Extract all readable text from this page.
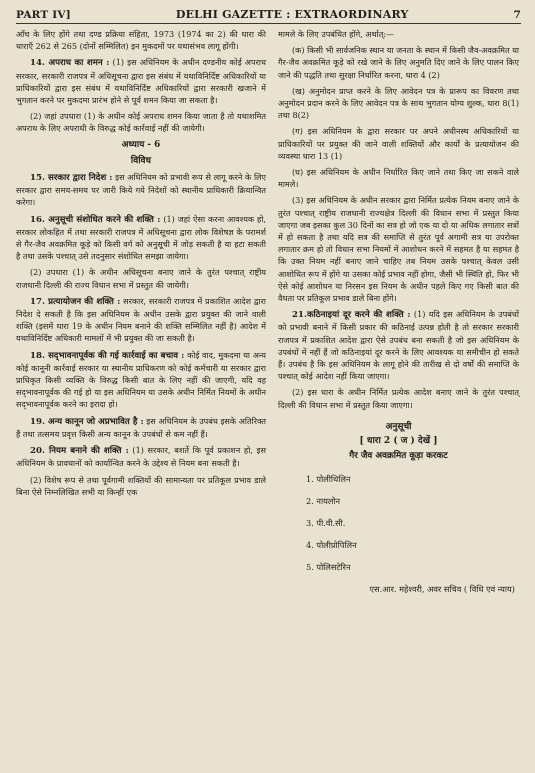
PART IV]	DELHI GAZETTE : EXTRAORDINARY	7

आँच के लिए होंगे तथा दण्ड प्रक्रिया संहिता, 1973 (1974 का 2) की धारा की धाराएँ 262 से 265 (दोनों सम्मिलित) इन मुकदमों पर यथासंभव लागू होंगी।

14. अपराध का शमन : (1) इस अधिनियम के अधीन दण्डनीय कोई अपराध सरकार, सरकारी राजपत्र में अधिसूचना द्वारा इस संबंध में यथाविनिर्दिष्ट अधिकारियों या प्राधिकारियों द्वारा इस संबंध में यथाविनिर्दिष्ट अधिकारियों द्वारा सरकारी खजाने में भुगतान करने पर मुकदमा प्रारंभ होने से पूर्व शमन किया जा सकता है।

(2) जहां उपधारा (1) के अधीन कोई अपराध शमन किया जाता है तो यथाशमित अपराध के लिए अपराधी के विरुद्ध कोई कार्रवाई नहीं की जायेगी।

अध्याय - 6

विविध

15. सरकार द्वारा निदेश : इस अधिनियम को प्रभावी रूप से लागू करने के लिए सरकार द्वारा समय-समय पर जारी किये गये निदेशों को स्थानीय प्राधिकारी क्रियान्वित करेगा।

16. अनुसूची संशोधित करने की शक्ति : (1) जहां ऐसा करना आवश्यक हो, सरकार लोकहित में तथा सरकारी राजपत्र में अधिसूचना द्वारा लोक विशेषज्ञ के परामर्श से गैर-जैव अवक्रमित कूड़े को किसी वर्ग को अनुसूची में जोड़ सकती है या हटा सकती है तथा उसके पश्चात् उसे तदनुसार संशोधित समझा जायेगा।

(2) उपधारा (1) के अधीन अधिसूचना बनाए जाने के तुरंत पश्चात् राष्ट्रीय राजधानी दिल्ली की राज्य विधान सभा में प्रस्तुत की जायेगी।

17. प्रत्यायोजन की शक्ति : सरकार, सरकारी राजपत्र में प्रकाशित आदेश द्वारा निदेश दे सकती है कि इस अधिनियम के अधीन उसके द्वारा प्रयुक्त की जाने वाली शक्ति (इसमें धारा 19 के अधीन नियम बनाने की शक्ति सम्मिलित नहीं है) आदेश में यथाविनिर्दिष्ट अधिकारी मामलों में भी प्रयुक्त की जा सकती है।

18. सद्‌भावनापूर्वक की गई कार्रवाई का बचाव : कोई वाद, मुकदमा या अन्य कोई कानूनी कार्रवाई सरकार या स्थानीय प्राधिकरण को कोई कर्मचारी या सरकार द्वारा प्राधिकृत किसी व्यक्ति के विरुद्ध किसी बात के लिए नहीं की जाएगी, यदि वह सद्‌भावनापूर्वक की गई हो या इस अधिनियम या उसके अधीन निर्मित नियमों के अधीन सद्‌भावनापूर्वक करने का इरादा हो।

19. अन्य कानून जो अप्रभावित है : इस अधिनियम के उपबंध इसके अतिरिक्त हैं तथा तत्समय प्रवृत्त किसी अन्य कानून के उपबंधों से कम नहीं हैं।

20. नियम बनाने की शक्ति : (1) सरकार, बशर्ते कि पूर्व प्रकाशन हो, इस अधिनियम के प्रावधानों को कार्यान्वित करने के उद्देश्य से नियम बना सकती है।

(2) विशेष रूप से तथा पूर्वगामी शक्तियों की सामान्यता पर प्रतिकूल प्रभाव डाले बिना ऐसे निम्नलिखित सभी या किन्हीं एक

मामले के लिए उपबंधित होंगे, अर्थात्:—

(क) किसी भी सार्वजनिक स्थान या जनता के स्थान में किसी जैव-अवक्रमित या गैर-जैव अवक्रमित कूड़े को रखे जाने के लिए अनुमति दिए जाने के लिए पालन किए जाने की पद्धति तथा सुरक्षा निर्धारित करना, धारा 4 (2)

(ख) अनुमोदन प्राप्त करने के लिए आवेदन पत्र के प्रारूप का विवरण तथा अनुमोदन प्रदान करने के लिए आवेदन पत्र के साथ भुगतान योग्य शुल्क, धारा 8(1) तथा 8(2)

(ग) इस अधिनियम के द्वारा सरकार पर अपने अधीनस्थ अधिकारियों या प्राधिकारियों पर प्रयुक्त की जाने वाली शक्तियों और कार्यों के प्रत्यायोजन की व्यवस्था धारा 13 (1)

(घ) इस अधिनियम के अधीन निर्धारित किए जाने तथा किए जा सकने वाले मामले।

(3) इस अधिनियम के अधीन सरकार द्वारा निर्मित प्रत्येक नियम बनाए जाने के तुरंत पश्चात् राष्ट्रीय राजधानी राज्यक्षेत्र दिल्ली की विधान सभा में प्रस्तुत किया जाएगा जब इसका कुल 30 दिनों का सत्र हो जो एक या दो या अधिक लगातार सत्रों में हो सकता है तथा यदि सत्र की समाप्ति से तुरंत पूर्व अगामी सत्र या उपरोक्त लगातार क्रम हो तो विधान सभा नियमों में आशोधन करने में सहमत है या सहमत है कि उक्त नियम नहीं बनाए जाने चाहिए तब नियम उसके पश्चात् केवल उसी आशोधित रूप में होंगे या उसका कोई प्रभाव नहीं होगा, जैसी भी स्थिति हो, फिर भी ऐसे कोई आशोधन या निरसन इस नियम के अधीन पहले किए गए किसी बात की वैधता पर प्रतिकूल प्रभाव डाले बिना होंगे।

21.कठिनाइयां दूर करने की शक्ति : (1) यदि इस अधिनियम के उपबंधों को प्रभावी बनाने में किसी प्रकार की कठिनाई उत्पन्न होती है तो सरकार सरकारी राजपत्र में प्रकाशित आदेश द्वारा ऐसे उपबंध बना सकती है जो इस अधिनियम के उपबंधों में नहीं हैं जो कठिनाइयां दूर करने के लिए आवश्यक या समीचीन हो सकते हैं। उपबंध है कि इस अधिनियम के लागू होने की तारीख से दो वर्षों की समाप्ति के पश्चात् कोई आदेश नहीं किया जाएगा।

(2) इस धारा के अधीन निर्मित प्रत्येक आदेश बनाए जाने के तुरंत पश्चात् दिल्ली की विधान सभा में प्रस्तुत किया जाएगा।

अनुसूची
[ धारा 2 ( ज ) देखें ]
गैर जैव अवक्रमित कूड़ा करकट
1. पोलीथिलिन
2. नायलोन
3. पी.वी.सी.
4. पोलीप्रोपिलिन
5. पोलिसटेरिन
एस.आर. महेश्वरी, अवर सचिव ( विधि एवं न्याय)
